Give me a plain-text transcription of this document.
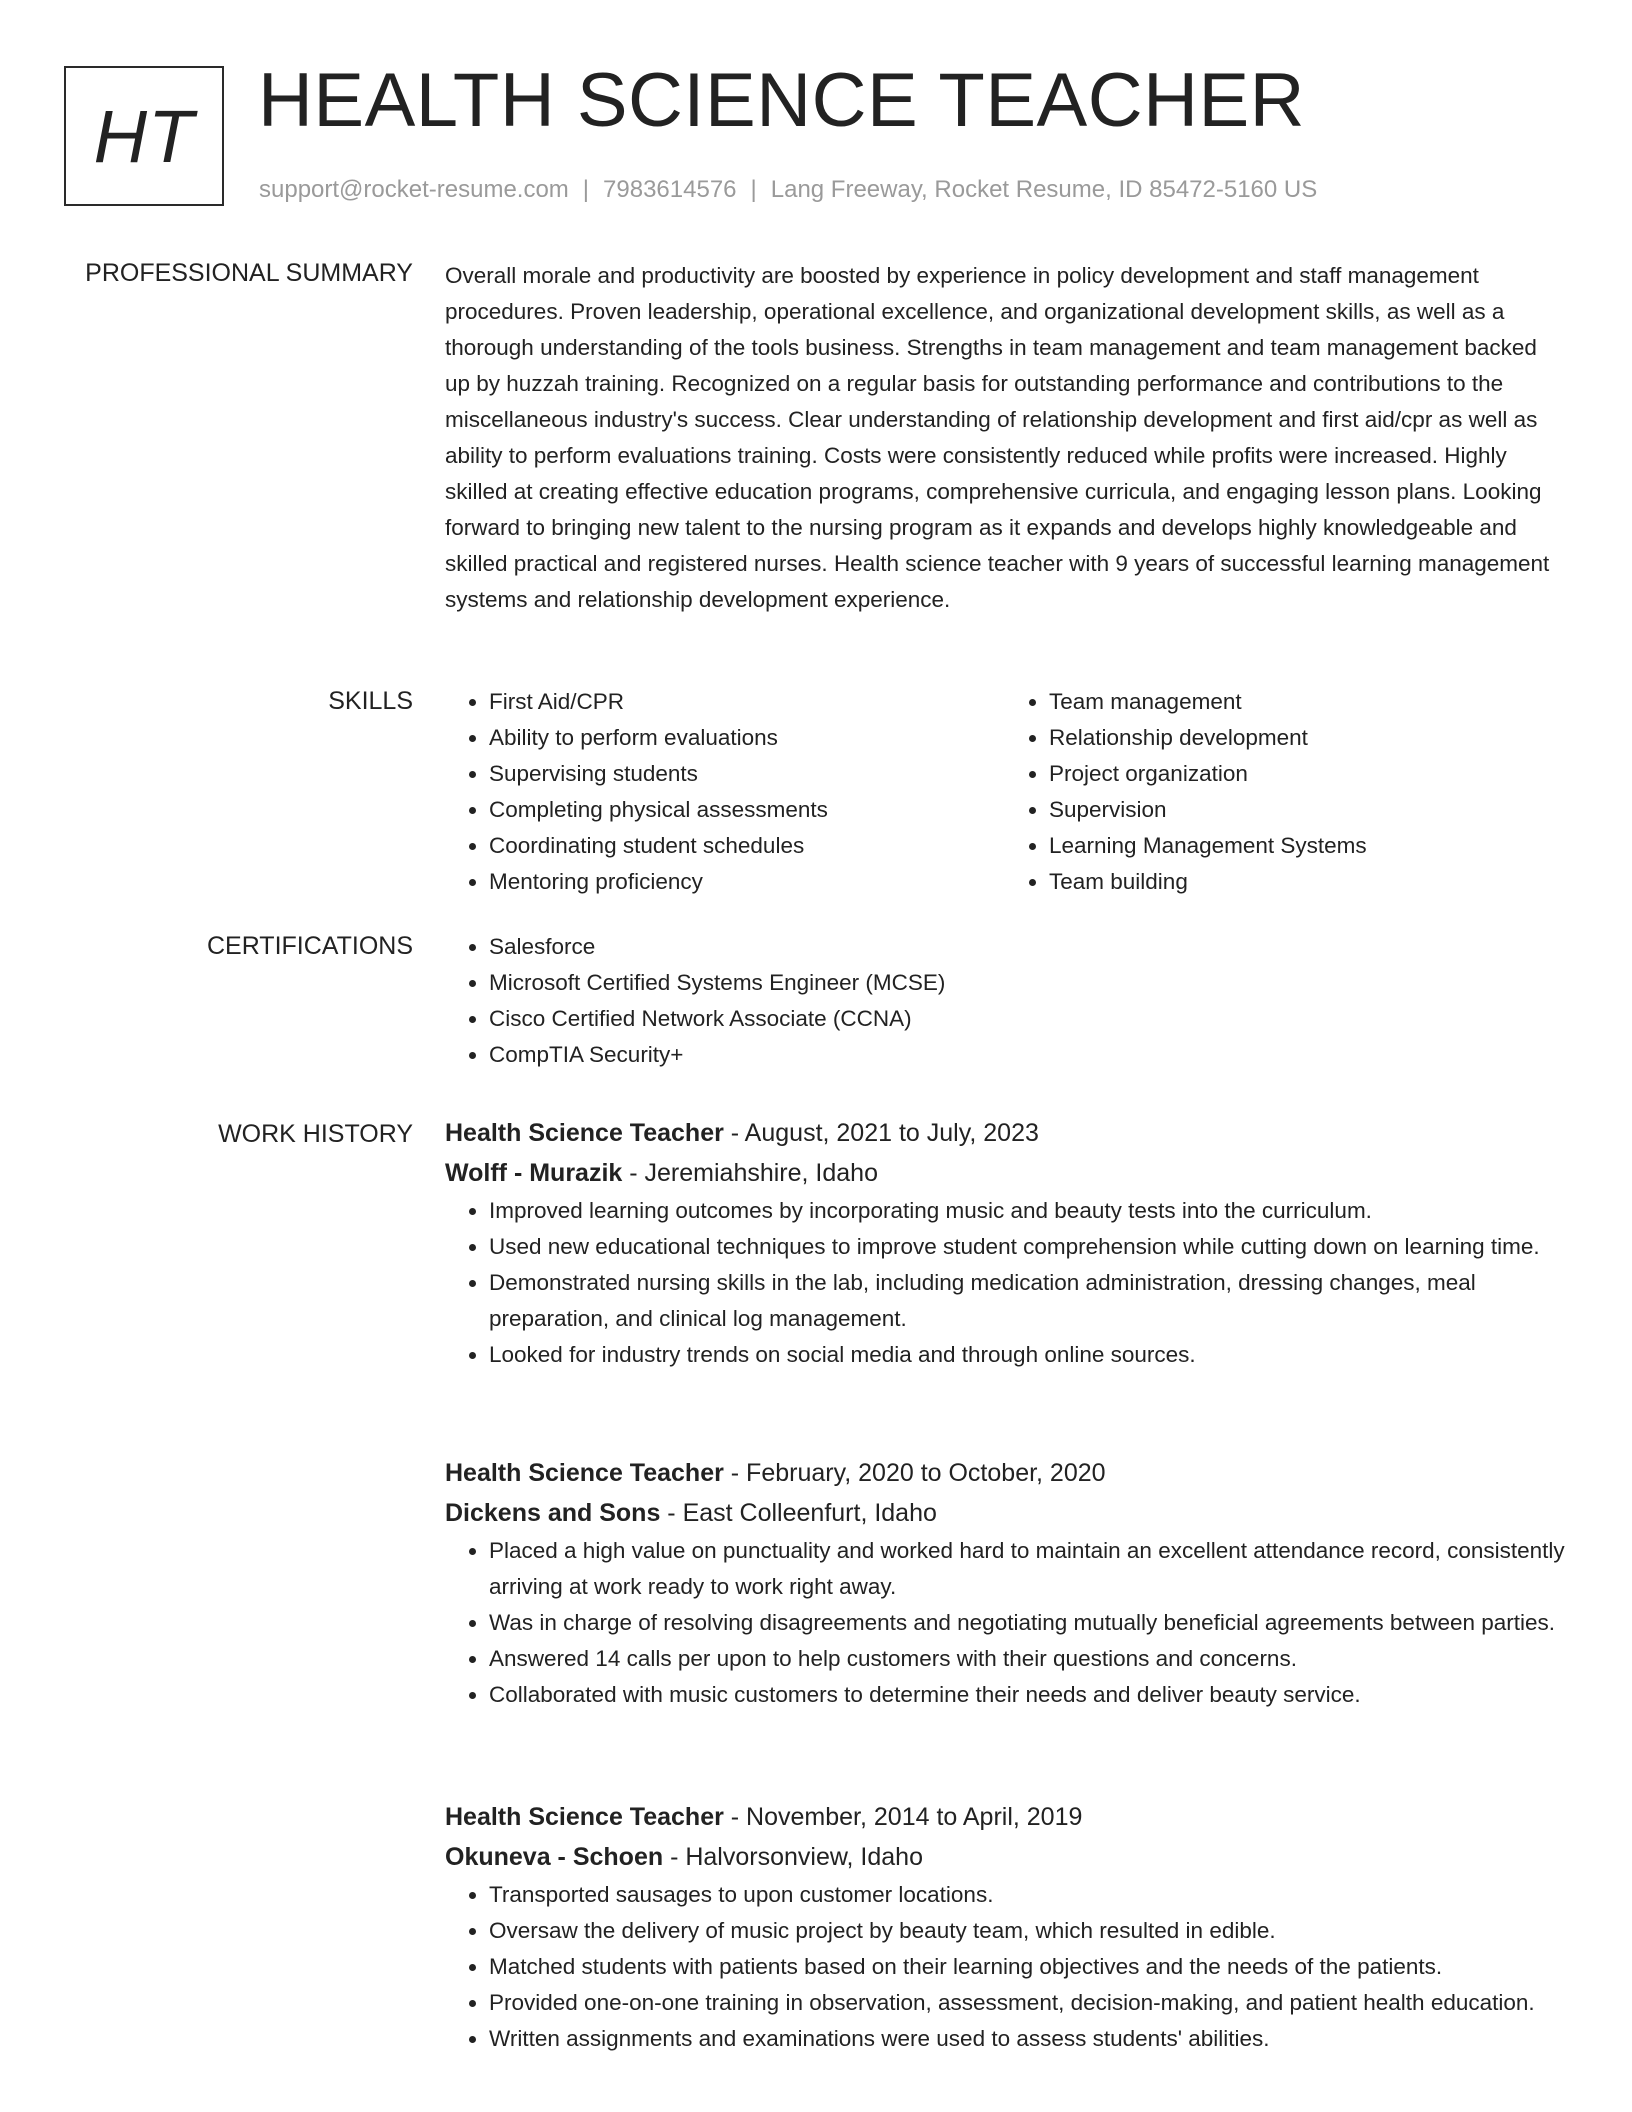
HT HEALTH SCIENCE TEACHER
support@rocket-resume.com | 7983614576 | Lang Freeway, Rocket Resume, ID 85472-5160 US
PROFESSIONAL SUMMARY Overall morale and productivity are boosted by experience in policy development and staff management procedures. Proven leadership, operational excellence, and organizational development skills, as well as a thorough understanding of the tools business. Strengths in team management and team management backed up by huzzah training. Recognized on a regular basis for outstanding performance and contributions to the miscellaneous industry's success. Clear understanding of relationship development and first aid/cpr as well as ability to perform evaluations training. Costs were consistently reduced while profits were increased. Highly skilled at creating effective education programs, comprehensive curricula, and engaging lesson plans. Looking forward to bringing new talent to the nursing program as it expands and develops highly knowledgeable and skilled practical and registered nurses. Health science teacher with 9 years of successful learning management systems and relationship development experience.

SKILLS	• First Aid/CPR
• Ability to perform evaluations
• Supervising students
• Completing physical assessments
• Coordinating student schedules
• Mentoring proficiency
• Team management
• Relationship development
• Project organization
• Supervision
• Learning Management Systems
• Team building
CERTIFICATIONS	• Salesforce
• Microsoft Certified Systems Engineer (MCSE)
• Cisco Certified Network Associate (CCNA)
• CompTIA Security+
WORK HISTORY Health Science Teacher - August, 2021 to July, 2023
Wolff - Murazik - Jeremiahshire, Idaho
• Improved learning outcomes by incorporating music and beauty tests into the curriculum.
• Used new educational techniques to improve student comprehension while cutting down on learning time.
• Demonstrated nursing skills in the lab, including medication administration, dressing changes, meal preparation, and clinical log management.
• Looked for industry trends on social media and through online sources.
Health Science Teacher - February, 2020 to October, 2020
Dickens and Sons - East Colleenfurt, Idaho
• Placed a high value on punctuality and worked hard to maintain an excellent attendance record, consistently arriving at work ready to work right away.
• Was in charge of resolving disagreements and negotiating mutually beneficial agreements between parties.
• Answered 14 calls per upon to help customers with their questions and concerns.
• Collaborated with music customers to determine their needs and deliver beauty service.
Health Science Teacher - November, 2014 to April, 2019
Okuneva - Schoen - Halvorsonview, Idaho
• Transported sausages to upon customer locations.
• Oversaw the delivery of music project by beauty team, which resulted in edible.
• Matched students with patients based on their learning objectives and the needs of the patients.
• Provided one-on-one training in observation, assessment, decision-making, and patient health education.
• Written assignments and examinations were used to assess students' abilities.
